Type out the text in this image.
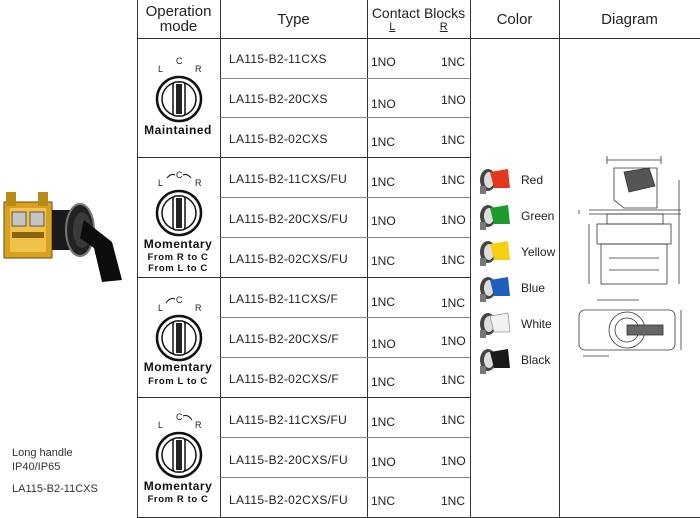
Long handle
IP40/IP65
LA115-B2-11CXS
Operation
mode	Type	Contact Blocks
L	R	Color	Diagram
L
C
R
Maintained
LA115-B2-11CXS	1NO	1NC
LA115-B2-20CXS	1NO	1NO
LA115-B2-02CXS	1NC	1NC
L
C
R
Momentary
From R to C
From L to C
LA115-B2-11CXS/FU 1NC	1NC
LA115-B2-20CXS/FU 1NO	1NO
LA115-B2-02CXS/FU 1NC	1NC
L
C
R
Momentary
From L to C
LA115-B2-11CXS/F	1NC	1NC
LA115-B2-20CXS/F	1NO	1NO
LA115-B2-02CXS/F	1NC	1NC
L
C
R
Momentary
From R to C
LA115-B2-11CXS/FU 1NC	1NC
LA115-B2-20CXS/FU 1NO	1NO
LA115-B2-02CXS/FU 1NC	1NC
Red
Green
Yellow
Blue
White
Black
